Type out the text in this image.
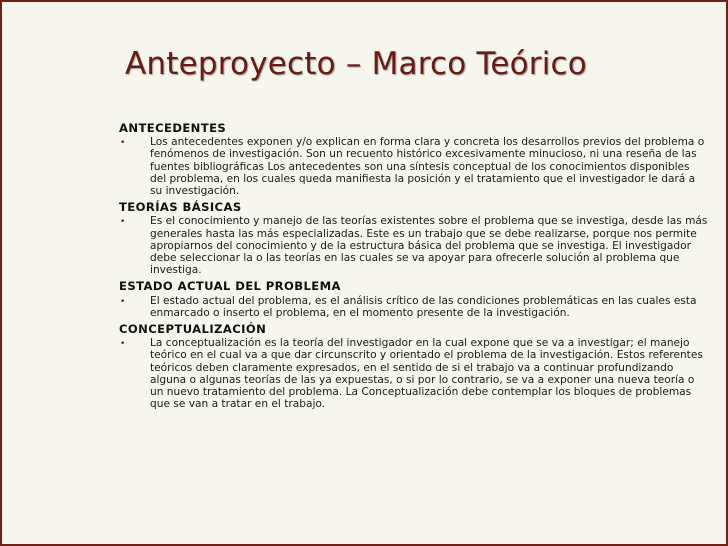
Anteproyecto – Marco Teórico
ANTECEDENTES
• Los antecedentes exponen y/o explican en forma clara y concreta los desarrollos previos del problema o fenómenos de investigación. Son un recuento histórico excesivamente minucioso, ni una reseña de las fuentes bibliográficas Los antecedentes son una síntesis conceptual de los conocimientos disponibles del problema, en los cuales queda manifiesta la posición y el tratamiento que el investigador le dará a su investigación.
TEORÍAS BÁSICAS
• Es el conocimiento y manejo de las teorías existentes sobre el problema que se investiga, desde las más generales hasta las más especializadas. Este es un trabajo que se debe realizarse, porque nos permite apropiarnos del conocimiento y de la estructura básica del problema que se investiga. El investigador debe seleccionar la o las teorías en las cuales se va apoyar para ofrecerle solución al problema que investiga.
ESTADO ACTUAL DEL PROBLEMA
• El estado actual del problema, es el análisis crítico de las condiciones problemáticas en las cuales esta enmarcado o inserto el problema, en el momento presente de la investigación.
CONCEPTUALIZACIÓN
• La conceptualización es la teoría del investigador en la cual expone que se va a investigar; el manejo teórico en el cual va a que dar circunscrito y orientado el problema de la investigación. Estos referentes teóricos deben claramente expresados, en el sentido de si el trabajo va a continuar profundizando alguna o algunas teorías de las ya expuestas, o si por lo contrario, se va a exponer una nueva teoría o un nuevo tratamiento del problema. La Conceptualización debe contemplar los bloques de problemas que se van a tratar en el trabajo.
